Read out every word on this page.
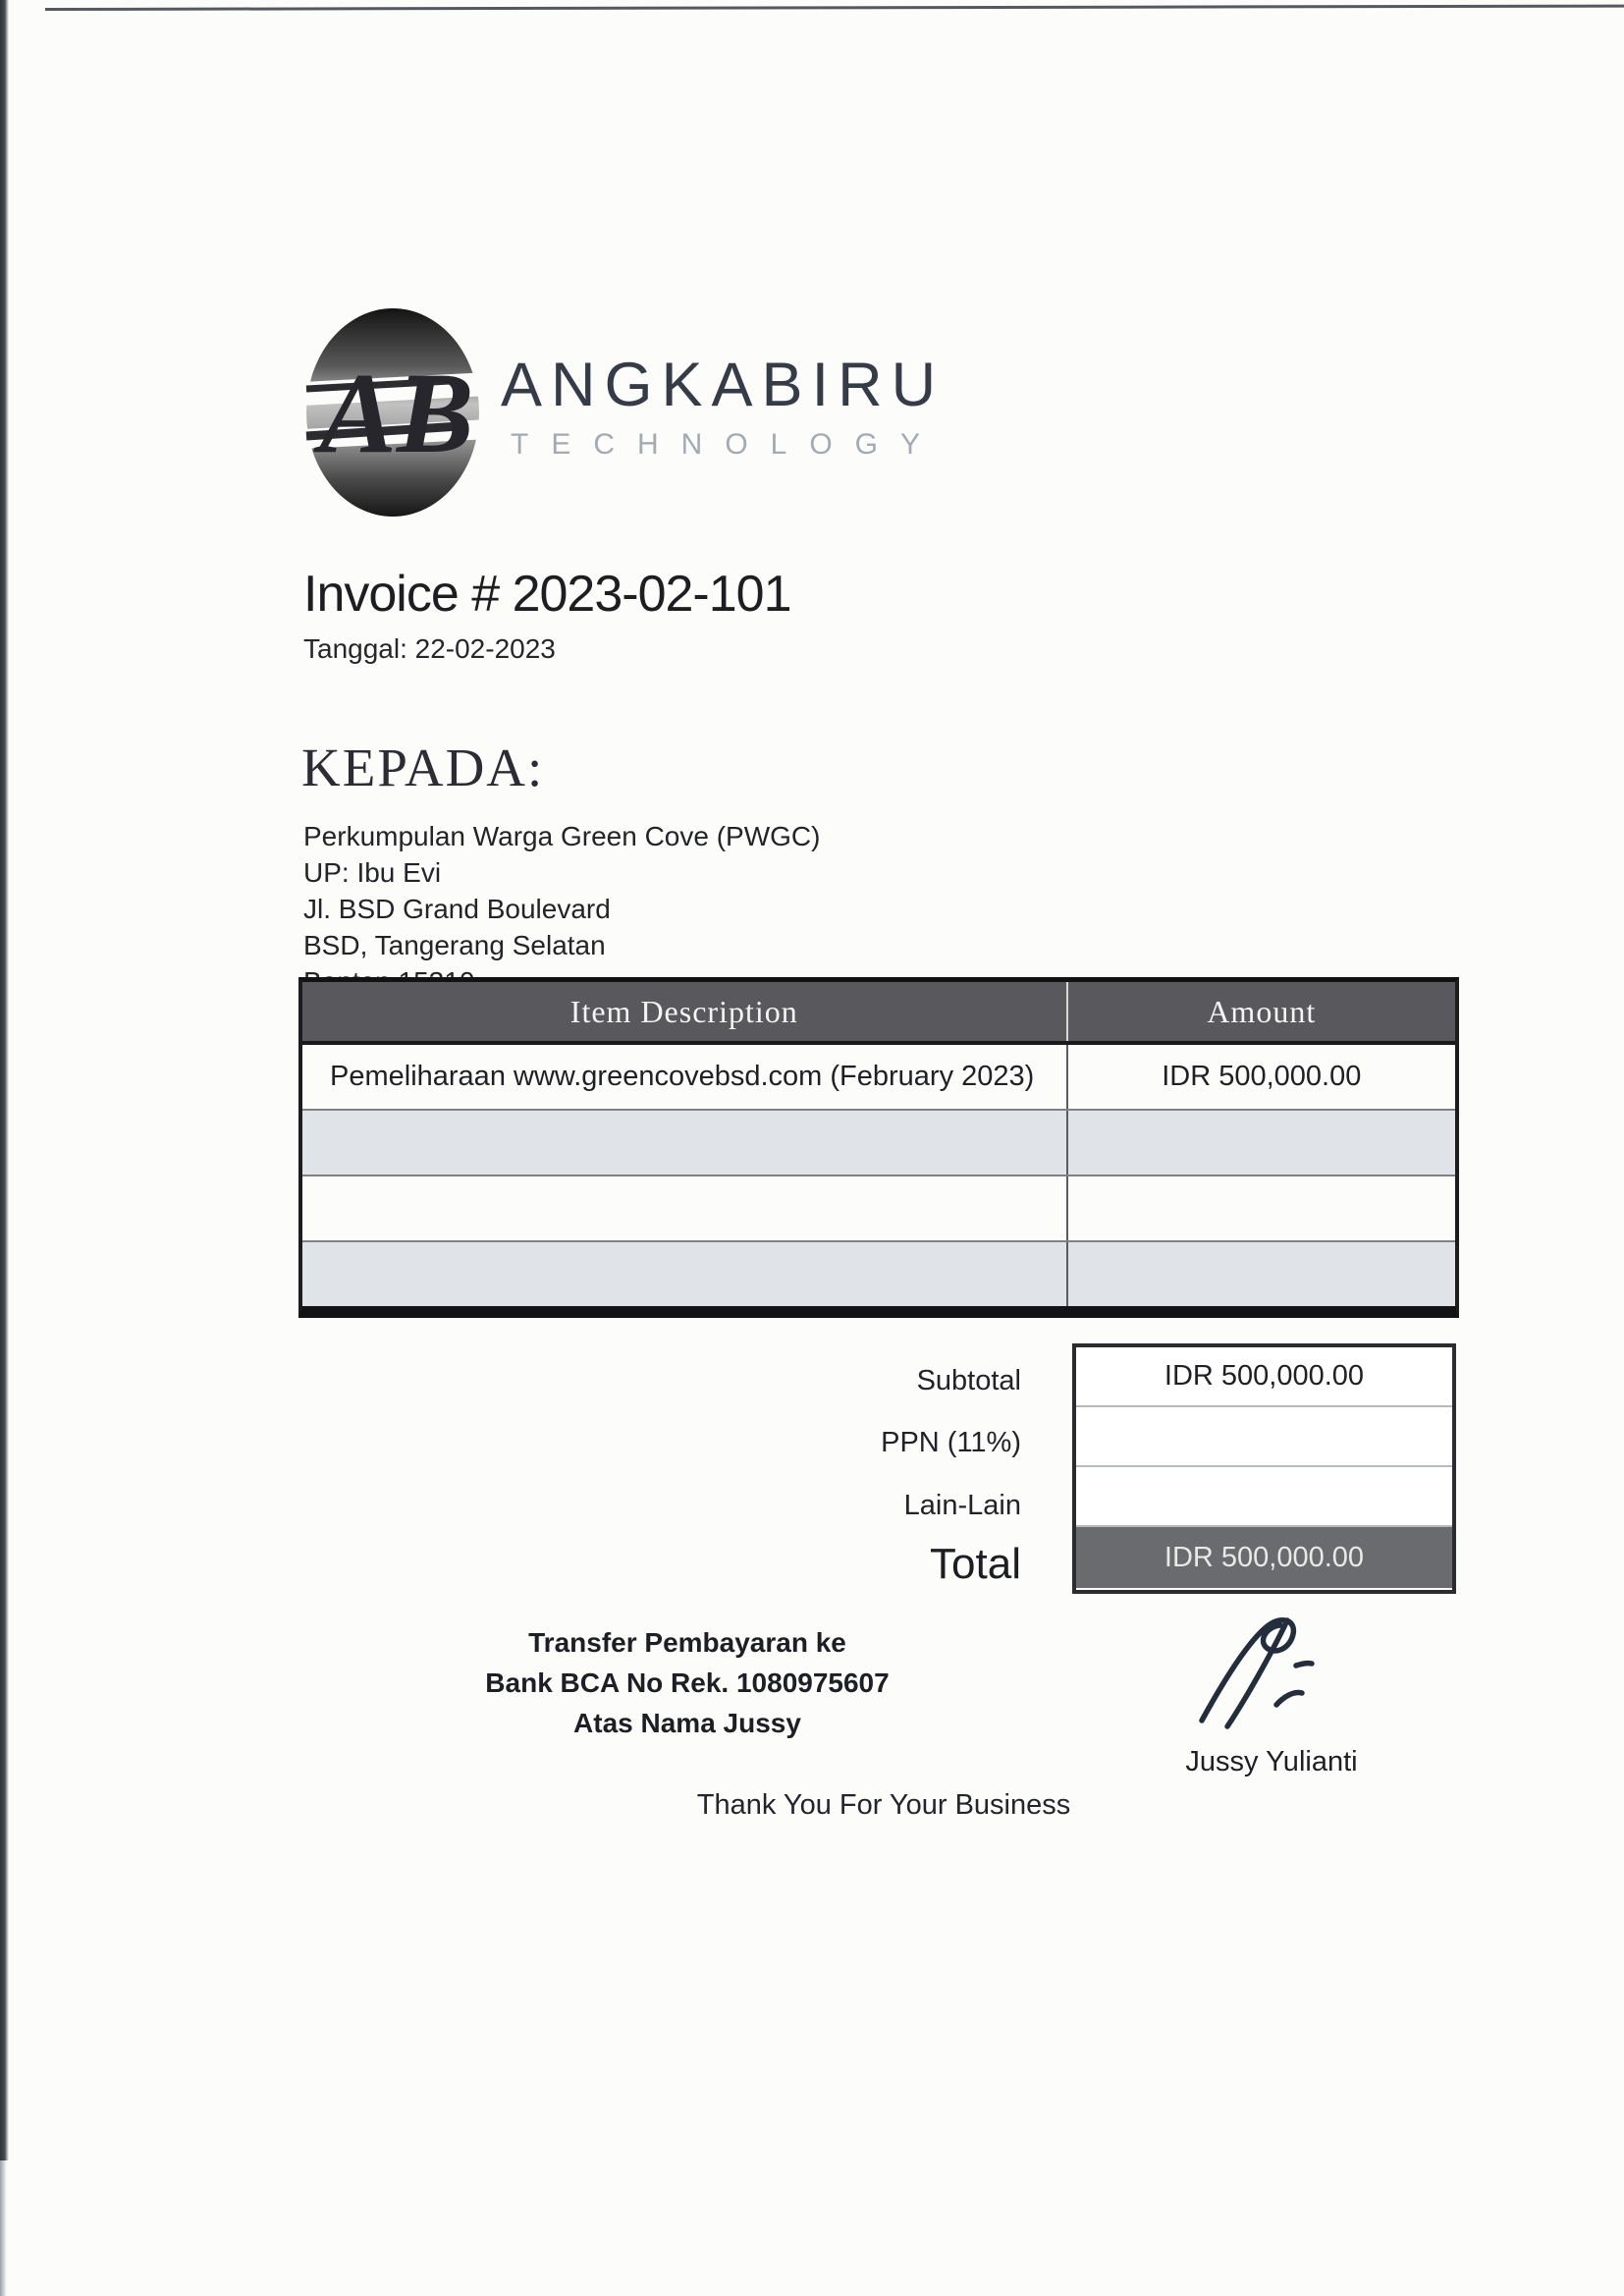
AB ANGKABIRU
TECHNOLOGY
Invoice # 2023-02-101
Tanggal: 22-02-2023
KEPADA:
Perkumpulan Warga Green Cove (PWGC)
UP: Ibu Evi
Jl. BSD Grand Boulevard
BSD, Tangerang Selatan
Item Description	Amount
Pemeliharaan www.greencovebsd.com (February 2023)	IDR 500,000.00
Subtotal
PPN (11%)
Lain-Lain
Total
IDR 500,000.00
IDR 500,000.00
Transfer Pembayaran ke
Bank BCA No Rek. 1080975607
Atas Nama Jussy
Jussy Yulianti
Thank You For Your Business
